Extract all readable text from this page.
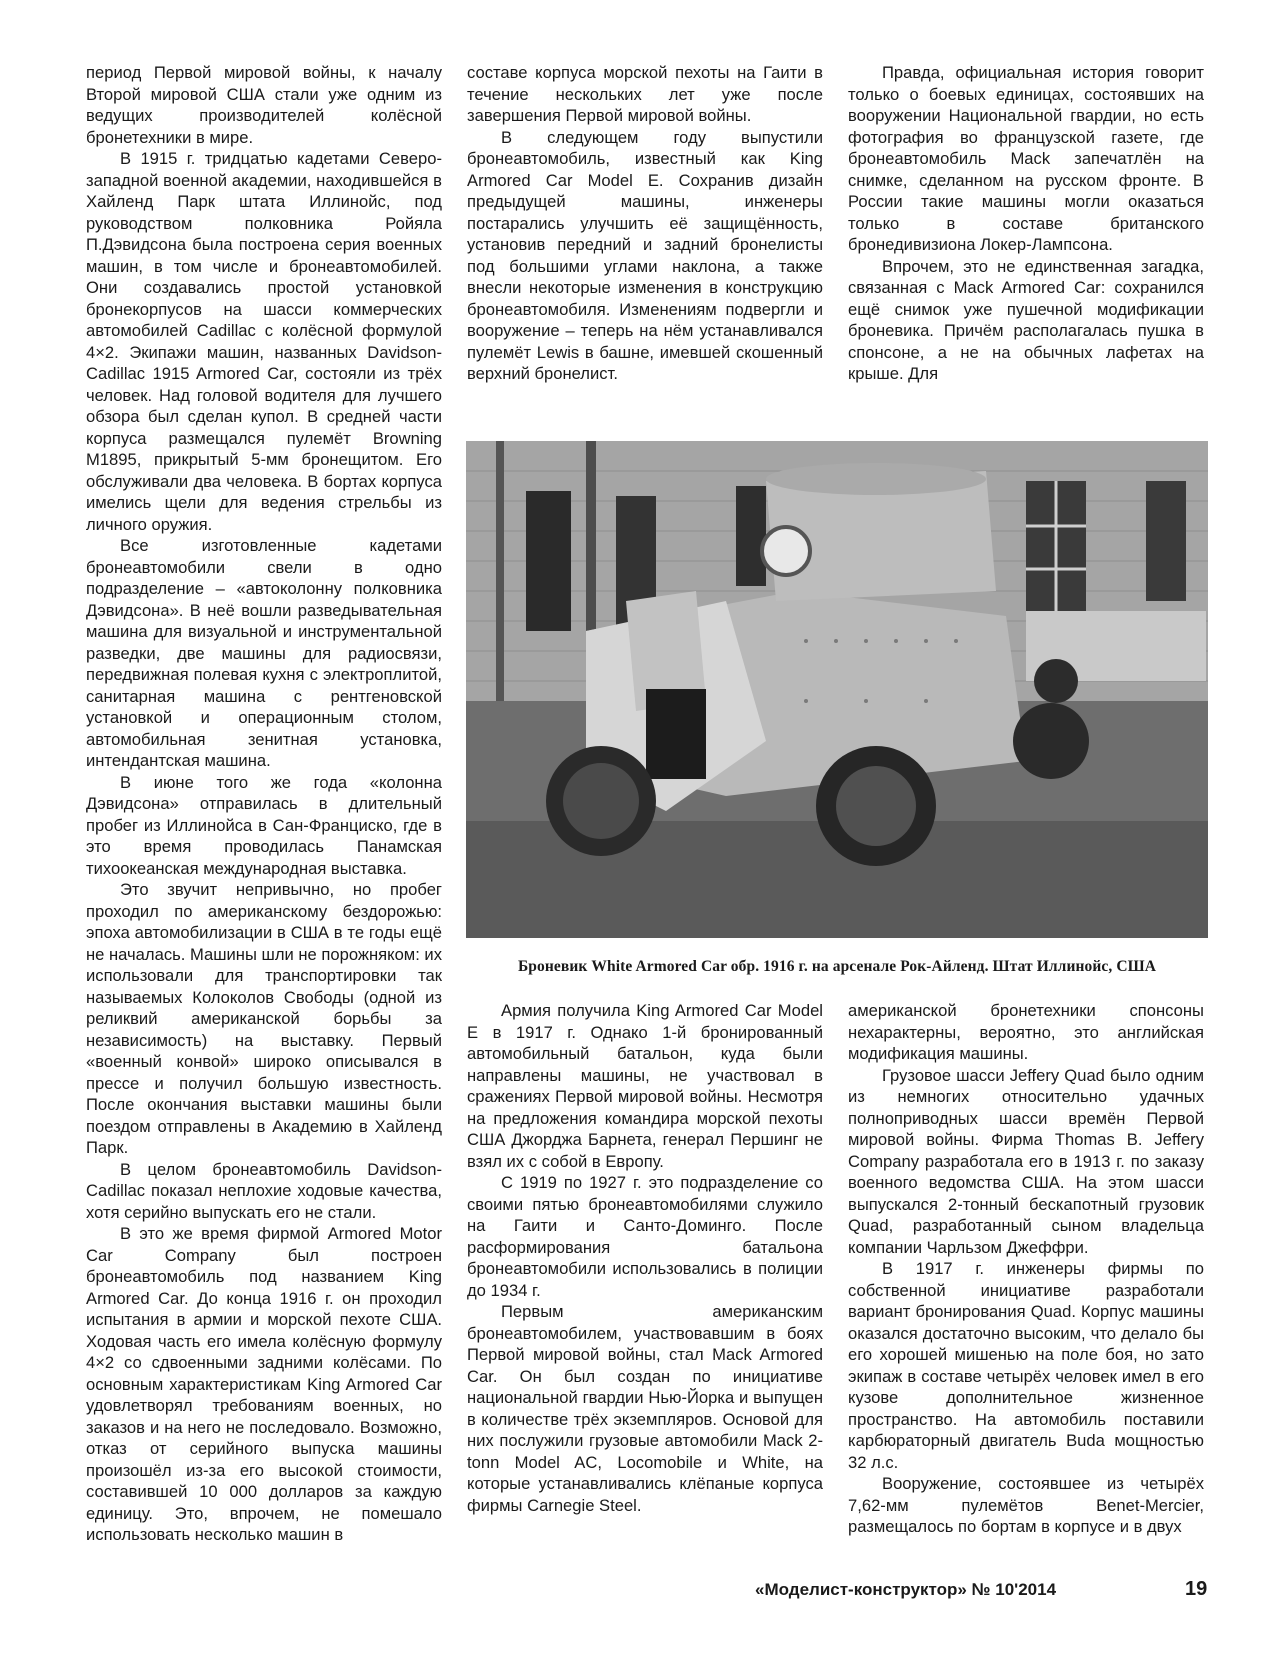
период Первой мировой войны, к началу Второй мировой США стали уже одним из ведущих производителей колёсной бронетехники в мире.

В 1915 г. тридцатью кадетами Северо-западной военной академии, находившейся в Хайленд Парк штата Иллинойс, под руководством полковника Ройяла П.Дэвидсона была построена серия военных машин, в том числе и бронеавтомобилей. Они создавались простой установкой бронекорпусов на шасси коммерческих автомобилей Cadillac с колёсной формулой 4×2. Экипажи машин, названных Davidson-Cadillac 1915 Armored Car, состояли из трёх человек. Над головой водителя для лучшего обзора был сделан купол. В средней части корпуса размещался пулемёт Browning M1895, прикрытый 5-мм бронещитом. Его обслуживали два человека. В бортах корпуса имелись щели для ведения стрельбы из личного оружия.

Все изготовленные кадетами бронеавтомобили свели в одно подразделение – «автоколонну полковника Дэвидсона». В неё вошли разведывательная машина для визуальной и инструментальной разведки, две машины для радиосвязи, передвижная полевая кухня с электроплитой, санитарная машина с рентгеновской установкой и операционным столом, автомобильная зенитная установка, интендантская машина.

В июне того же года «колонна Дэвидсона» отправилась в длительный пробег из Иллинойса в Сан-Франциско, где в это время проводилась Панамская тихоокеанская международная выставка.

Это звучит непривычно, но пробег проходил по американскому бездорожью: эпоха автомобилизации в США в те годы ещё не началась. Машины шли не порожняком: их использовали для транспортировки так называемых Колоколов Свободы (одной из реликвий американской борьбы за независимость) на выставку. Первый «военный конвой» широко описывался в прессе и получил большую известность. После окончания выставки машины были поездом отправлены в Академию в Хайленд Парк.

В целом бронеавтомобиль Davidson-Cadillac показал неплохие ходовые качества, хотя серийно выпускать его не стали.

В это же время фирмой Armored Motor Car Company был построен бронеавтомобиль под названием King Armored Car. До конца 1916 г. он проходил испытания в армии и морской пехоте США. Ходовая часть его имела колёсную формулу 4×2 со сдвоенными задними колёсами. По основным характеристикам King Armored Car удовлетворял требованиям военных, но заказов и на него не последовало. Возможно, отказ от серийного выпуска машины произошёл из-за его высокой стоимости, составившей 10 000 долларов за каждую единицу. Это, впрочем, не помешало использовать несколько машин в

составе корпуса морской пехоты на Гаити в течение нескольких лет уже после завершения Первой мировой войны.

В следующем году выпустили бронеавтомобиль, известный как King Armored Car Model E. Сохранив дизайн предыдущей машины, инженеры постарались улучшить её защищённость, установив передний и задний бронелисты под большими углами наклона, а также внесли некоторые изменения в конструкцию бронеавтомобиля. Изменениям подвергли и вооружение – теперь на нём устанавливался пулемёт Lewis в башне, имевшей скошенный верхний бронелист.

Правда, официальная история говорит только о боевых единицах, состоявших на вооружении Национальной гвардии, но есть фотография во французской газете, где бронеавтомобиль Mack запечатлён на снимке, сделанном на русском фронте. В России такие машины могли оказаться только в составе британского бронедивизиона Локер-Лампсона.

Впрочем, это не единственная загадка, связанная с Mack Armored Car: сохранился ещё снимок уже пушечной модификации броневика. Причём располагалась пушка в спонсоне, а не на обычных лафетах на крыше. Для

Броневик White Armored Car обр. 1916 г. на арсенале Рок-Айленд. Штат Иллинойс, США

Армия получила King Armored Car Model E в 1917 г. Однако 1-й бронированный автомобильный батальон, куда были направлены машины, не участвовал в сражениях Первой мировой войны. Несмотря на предложения командира морской пехоты США Джорджа Барнета, генерал Першинг не взял их с собой в Европу.

С 1919 по 1927 г. это подразделение со своими пятью бронеавтомобилями служило на Гаити и Санто-Доминго. После расформирования батальона бронеавтомобили использовались в полиции до 1934 г.

Первым американским бронеавтомобилем, участвовавшим в боях Первой мировой войны, стал Mack Armored Car. Он был создан по инициативе национальной гвардии Нью-Йорка и выпущен в количестве трёх экземпляров. Основой для них послужили грузовые автомобили Mack 2-tonn Model AC, Locomobile и White, на которые устанавливались клёпаные корпуса фирмы Carnegie Steel.

американской бронетехники спонсоны нехарактерны, вероятно, это английская модификация машины.

Грузовое шасси Jeffery Quad было одним из немногих относительно удачных полноприводных шасси времён Первой мировой войны. Фирма Thomas B. Jeffery Company разработала его в 1913 г. по заказу военного ведомства США. На этом шасси выпускался 2-тонный бескапотный грузовик Quad, разработанный сыном владельца компании Чарльзом Джеффри.

В 1917 г. инженеры фирмы по собственной инициативе разработали вариант бронирования Quad. Корпус машины оказался достаточно высоким, что делало бы его хорошей мишенью на поле боя, но зато экипаж в составе четырёх человек имел в его кузове дополнительное жизненное пространство. На автомобиль поставили карбюраторный двигатель Buda мощностью 32 л.с.

Вооружение, состоявшее из четырёх 7,62-мм пулемётов Benet-Mercier, размещалось по бортам в корпусе и в двух

«Моделист-конструктор» № 10'2014	19
